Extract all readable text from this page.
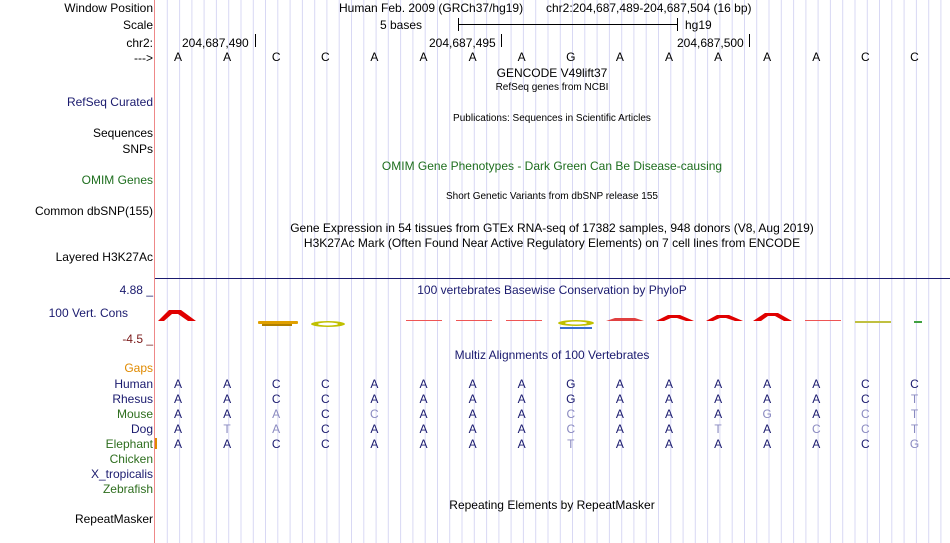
Window Position	Human Feb. 2009 (GRCh37/hg19) chr2:204,687,489-204,687,504 (16 bp)
Scale	5 bases	hg19
chr2: 204,687,490	204,687,495	204,687,500
--->	A	A	C	C	A	A	A	A	G	A	A	A	A	A	C	C
GENCODE V49lift37
RefSeq genes from NCBI
RefSeq Curated
Publications: Sequences in Scientific Articles
Sequences
SNPs
OMIM Gene Phenotypes - Dark Green Can Be Disease-causing
OMIM Genes
Short Genetic Variants from dbSNP release 155
Common dbSNP(155)
Gene Expression in 54 tissues from GTEx RNA-seq of 17382 samples, 948 donors (V8, Aug 2019)
H3K27Ac Mark (Often Found Near Active Regulatory Elements) on 7 cell lines from ENCODE
Layered H3K27Ac
4.88 _	100 vertebrates Basewise Conservation by PhyloP
100 Vert. Cons
-4.5 _
Multiz Alignments of 100 Vertebrates
Gaps
Human	A	A	C	C	A	A	A	A	G	A	A	A	A	A	C	C
Rhesus	A	A	C	C	A	A	A	A	G	A	A	A	A	A	C	T
Mouse	A	A	A	C	C	A	A	A	C	A	A	A	G	A	C	T
Dog	A	T	A	C	A	A	A	A	C	A	A	T	A	C	C	T
Elephant	A	A	C	C	A	A	A	A	T	A	A	A	A	A	C	G
Chicken
X_tropicalis
Zebrafish
Repeating Elements by RepeatMasker
RepeatMasker
